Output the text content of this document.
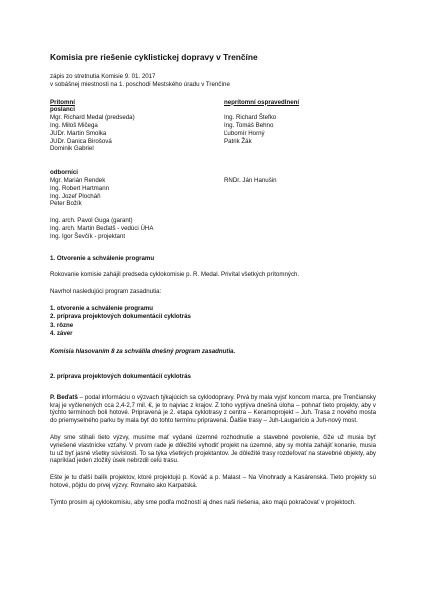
Komisia pre riešenie cyklistickej dopravy v Trenčíne
zápis zo stretnutia Komisie 9. 01. 2017
v sobášnej miestnosti na 1. poschodí Mestského úradu v Trenčíne
Prítomní	neprítomní ospravedlnení
poslanci
Mgr. Richard Medal (predseda)	Ing. Richard Štefko
Ing. Miloš Mičega	Ing. Tomáš Behno
JUDr. Martin Smolka	Ľubomír Horný
JUDr. Danica Birošová	Patrik Žák
Dominik Gabriel
odborníci
Mgr. Marián Rendek	RNDr. Ján Hanušin
Ing. Robert Hartmann
Ing. Jozef Plocháň
Peter Božík
Ing. arch. Pavol Guga (garant)
Ing. arch. Martin Beďatš - vedúci ÚHA
Ing. Igor Ševčík - projektant
1. Otvorenie a schválenie programu

Rokovanie komisie zahájil predseda cyklokomisie p. R. Medal. Privítal všetkých prítomných.

Navrhol nasledujúci program zasadnutia:

1. otvorenie a schválenie programu
2. príprava projektových dokumentácií cyklotrás
3. rôzne
4. záver
Komisia hlasovaním 8 za schválila dnešný program zasadnutia.
2. príprava projektových dokumentácií cyklotrás

P. Beďatš – podal informáciu o výzvach týkajúcich sa cyklodopravy. Prvá by mala vyjsť koncom marca, pre Trenčiansky kraj je vyčlenených cca 2,4-2,7 mil. €, je to najviac z krajov. Z toho vyplýva dnešná úloha – pohnať tieto projekty, aby v týchto termínoch boli hotové. Pripravená je 2. etapa cyklotrasy z centra – Keramoprojekt – Juh. Trasa z nového mosta do priemyselného parku by mala byť do tohto termínu pripravená. Ďalšie trasy – Juh-Laugarício a Juh-nový most.

Aby sme stihali tieto výzvy, musíme mať vydané územné rozhodnutie a stavebné povolenie, čiže už musia byť vyriešené vlastnícke vzťahy. V prvom rade je dôležité vyhodiť projekt na územné, aby sy mohla zahájiť konanie, musia tu už byť jasné všetky súvislosti. To sa týka všetkých projektantov. Je dôležité trasy rozdeľovať na stavebné objekty, aby napríklad jeden zložitý úsek nebrzdil celú trasu.

Ešte je tu ďalší balík projektov, ktoré projektujú p. Kováč a p. Malast – Na Vinohrady a Kasárenská. Tieto projekty sú hotové, pôjdu do prvej výzvy. Rovnako ako Karpatská.

Týmto prosím aj cyklokomisiu, aby sme podľa možností aj dnes naši riešenia, ako majú pokračovať v projektoch.
